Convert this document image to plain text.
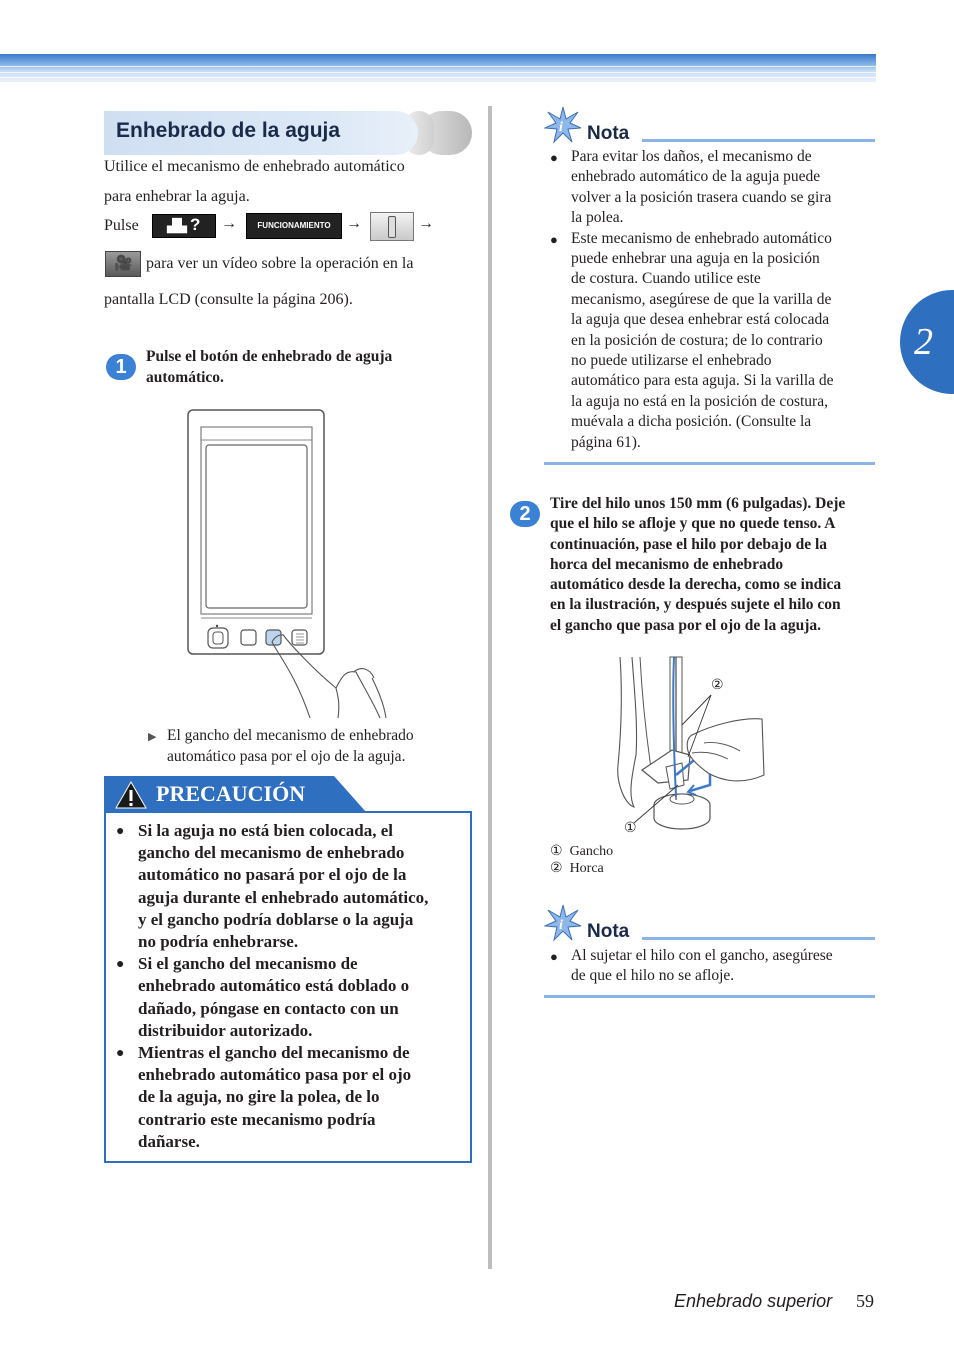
2
Enhebrado de la aguja
Utilice el mecanismo de enhebrado automático
para enhebrar la aguja.
Pulse ▟▙ ? →	FUNCIONAMIENTO →	→
🎥 para ver un vídeo sobre la operación en la
pantalla LCD (consulte la página 206).
1	Pulse el botón de enhebrado de aguja
automático.
▶ El gancho del mecanismo de enhebrado
automático pasa por el ojo de la aguja.
PRECAUCIÓN
● Si la aguja no está bien colocada, el
gancho del mecanismo de enhebrado
automático no pasará por el ojo de la
aguja durante el enhebrado automático,
y el gancho podría doblarse o la aguja
no podría enhebrarse.
● Si el gancho del mecanismo de
enhebrado automático está doblado o
dañado, póngase en contacto con un
distribuidor autorizado.
● Mientras el gancho del mecanismo de
enhebrado automático pasa por el ojo
de la aguja, no gire la polea, de lo
contrario este mecanismo podría
dañarse.
i Nota
● Para evitar los daños, el mecanismo de
enhebrado automático de la aguja puede
volver a la posición trasera cuando se gira
la polea.
● Este mecanismo de enhebrado automático
puede enhebrar una aguja en la posición
de costura. Cuando utilice este
mecanismo, asegúrese de que la varilla de
la aguja que desea enhebrar está colocada
en la posición de costura; de lo contrario
no puede utilizarse el enhebrado
automático para esta aguja. Si la varilla de
la aguja no está en la posición de costura,
muévala a dicha posición. (Consulte la
página 61).
2	Tire del hilo unos 150 mm (6 pulgadas). Deje
que el hilo se afloje y que no quede tenso. A
continuación, pase el hilo por debajo de la
horca del mecanismo de enhebrado
automático desde la derecha, como se indica
en la ilustración, y después sujete el hilo con
el gancho que pasa por el ojo de la aguja.
②
①
① Gancho
② Horca
i Nota
● Al sujetar el hilo con el gancho, asegúrese
de que el hilo no se afloje.
Enhebrado superior 59
